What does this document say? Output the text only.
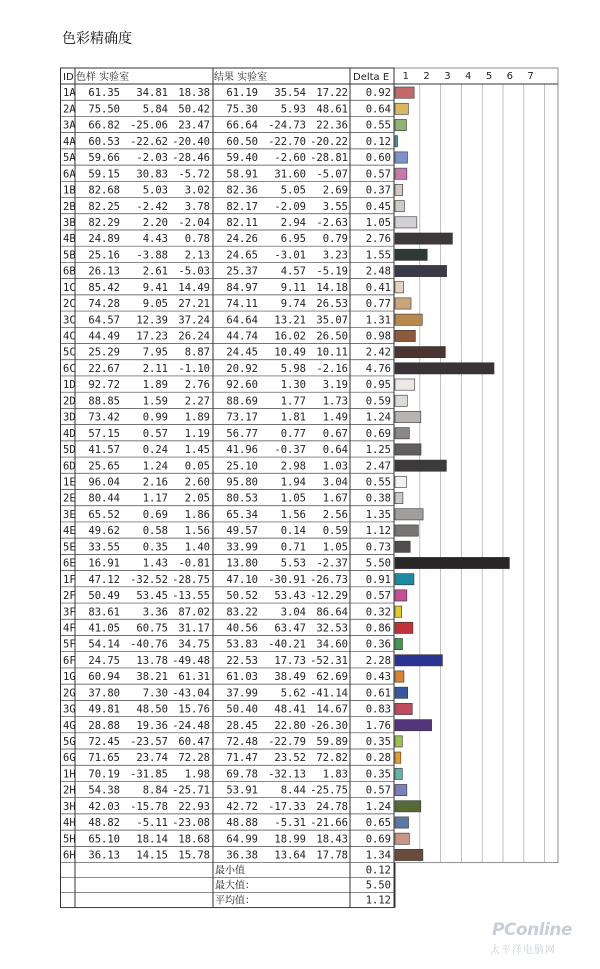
色彩精确度
1 2 3 4 5 6 7
ID 色样 实验室	结果 实验室	Delta E
1A 61.35 34.81 18.38 61.19 35.54 17.22 0.92
2A 75.50 5.84 50.42 75.30 5.93 48.61 0.64
3A 66.82 -25.06 23.47 66.64 -24.73 22.36 0.55
4A 60.53 -22.62 -20.40 60.50 -22.70 -20.22 0.12
5A 59.66 -2.03 -28.46 59.40 -2.60 -28.81 0.60
6A 59.15 30.83 -5.72 58.91 31.60 -5.07 0.57
1B 82.68 5.03 3.02 82.36 5.05 2.69 0.37
2B 82.25 -2.42 3.78 82.17 -2.09 3.55 0.45
3B 82.29 2.20 -2.04 82.11 2.94 -2.63 1.05
4B 24.89 4.43 0.78 24.26 6.95 0.79 2.76
5B 25.16 -3.88 2.13 24.65 -3.01 3.23 1.55
6B 26.13 2.61 -5.03 25.37 4.57 -5.19 2.48
1C 85.42 9.41 14.49 84.97 9.11 14.18 0.41
2C 74.28 9.05 27.21 74.11 9.74 26.53 0.77
3C 64.57 12.39 37.24 64.64 13.21 35.07 1.31
4C 44.49 17.23 26.24 44.74 16.02 26.50 0.98
5C 25.29 7.95 8.87 24.45 10.49 10.11 2.42
6C 22.67 2.11 -1.10 20.92 5.98 -2.16 4.76
1D 92.72 1.89 2.76 92.60 1.30 3.19 0.95
2D 88.85 1.59 2.27 88.69 1.77 1.73 0.59
3D 73.42 0.99 1.89 73.17 1.81 1.49 1.24
4D 57.15 0.57 1.19 56.77 0.77 0.67 0.69
5D 41.57 0.24 1.45 41.96 -0.37 0.64 1.25
6D 25.65 1.24 0.05 25.10 2.98 1.03 2.47
1E 96.04 2.16 2.60 95.80 1.94 3.04 0.55
2E 80.44 1.17 2.05 80.53 1.05 1.67 0.38
3E 65.52 0.69 1.86 65.34 1.56 2.56 1.35
4E 49.62 0.58 1.56 49.57 0.14 0.59 1.12
5E 33.55 0.35 1.40 33.99 0.71 1.05 0.73
6E 16.91 1.43 -0.81 13.80 5.53 -2.37 5.50
1F 47.12 -32.52 -28.75 47.10 -30.91 -26.73 0.91
2F 50.49 53.45 -13.55 50.52 53.43 -12.29 0.57
3F 83.61 3.36 87.02 83.22 3.04 86.64 0.32
4F 41.05 60.75 31.17 40.56 63.47 32.53 0.86
5F 54.14 -40.76 34.75 53.83 -40.21 34.60 0.36
6F 24.75 13.78 -49.48 22.53 17.73 -52.31 2.28
1G 60.94 38.21 61.31 61.03 38.49 62.69 0.43
2G 37.80 7.30 -43.04 37.99 5.62 -41.14 0.61
3G 49.81 48.50 15.76 50.40 48.41 14.67 0.83
4G 28.88 19.36 -24.48 28.45 22.80 -26.30 1.76
5G 72.45 -23.57 60.47 72.48 -22.79 59.89 0.35
6G 71.65 23.74 72.28 71.47 23.52 72.82 0.28
1H 70.19 -31.85 1.98 69.78 -32.13 1.83 0.35
2H 54.38 8.84 -25.71 53.91 8.44 -25.75 0.57
3H 42.03 -15.78 22.93 42.72 -17.33 24.78 1.24
4H 48.82 -5.11 -23.08 48.88 -5.31 -21.66 0.65
5H 65.10 18.14 18.68 64.99 18.99 18.43 0.69
6H 36.13 14.15 15.78 36.38 13.64 17.78 1.34
最小值	0.12
最大值：	5.50
平均值：	1.12
PConline
太平洋电脑网
